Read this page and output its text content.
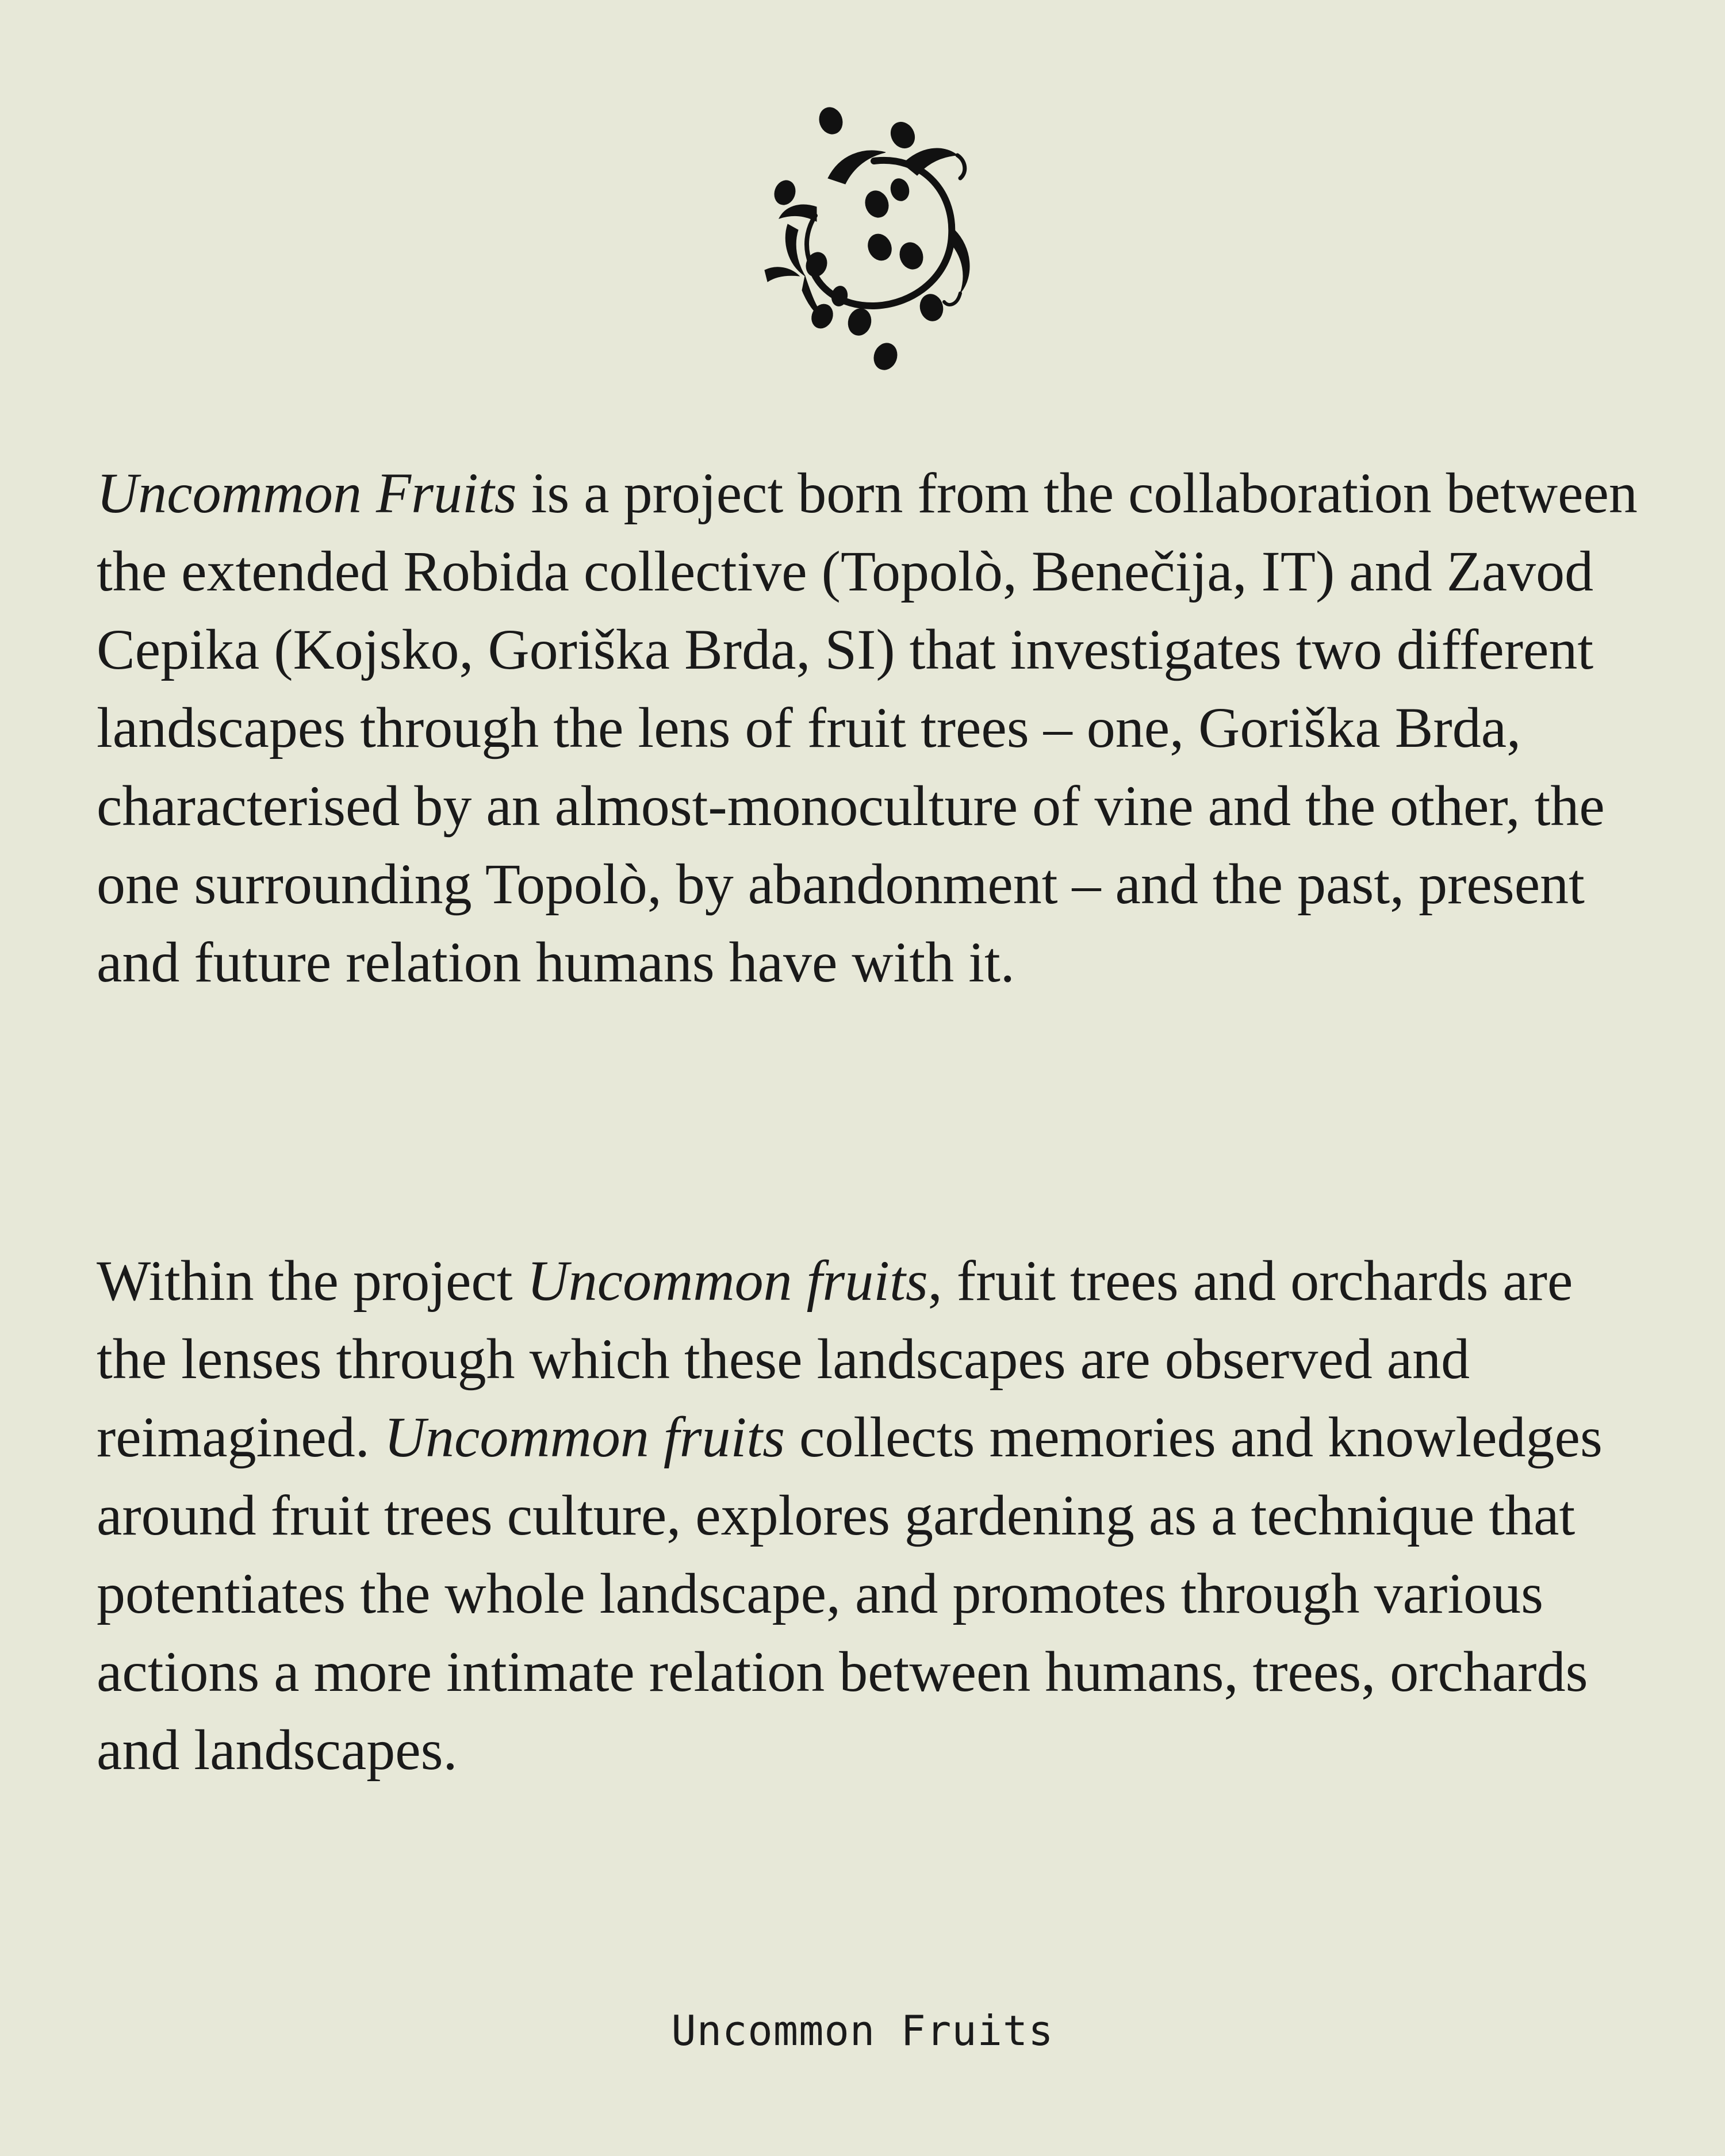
Uncommon Fruits is a project born from the collaboration between the extended Robida collective (Topolò, Benečija, IT) and Zavod Cepika (Kojsko, Goriška Brda, SI) that investigates two different landscapes through the lens of fruit trees – one, Goriška Brda, characterised by an almost-monoculture of vine and the other, the one surrounding Topolò, by abandonment – and the past, present and future relation humans have with it.

Within the project Uncommon fruits, fruit trees and orchards are the lenses through which these landscapes are observed and reimagined. Uncommon fruits collects memories and knowledges around fruit trees culture, explores gardening as a technique that potentiates the whole landscape, and promotes through various actions a more intimate relation between humans, trees, orchards and landscapes.

Uncommon Fruits
